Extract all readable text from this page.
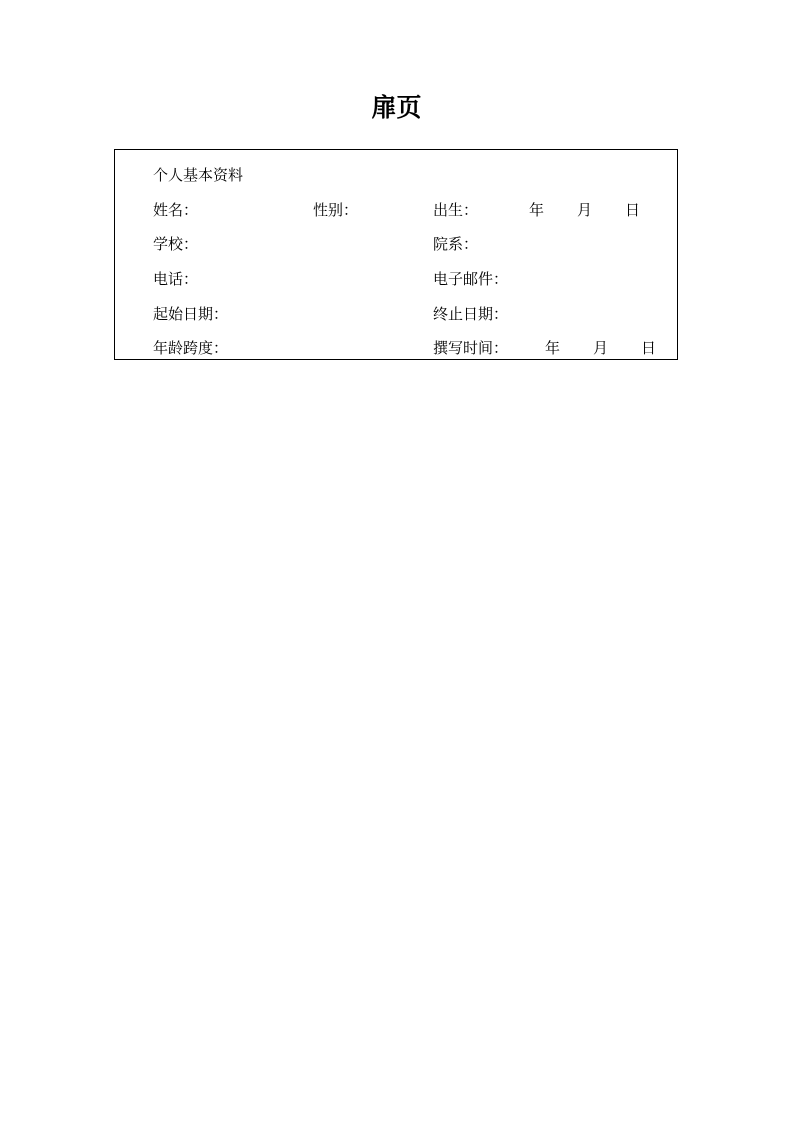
扉页
个人基本资料
姓名：	性别：	出生：	年 月 日
学校：	院系：
电话：	电子邮件：
起始日期：	终止日期：
年龄跨度：	撰写时间： 年 月 日
